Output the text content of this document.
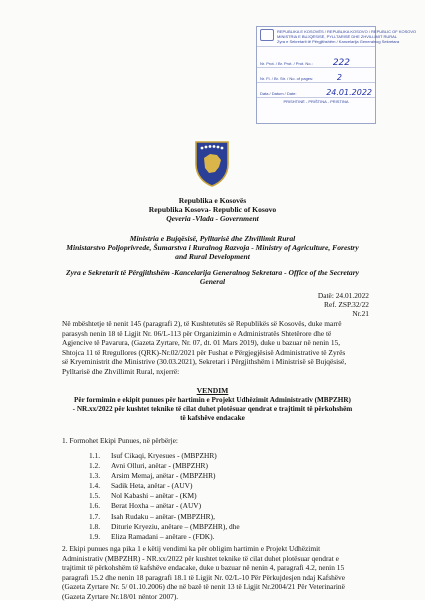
REPUBLIKA E KOSOVËS / REPUBLIKA KOSOVO / REPUBLIC OF KOSOVO
MINISTRIA E BUJQËSISË, PYLLTARISË DHE ZHVILLIMIT RURAL
Zyra e Sekretarit të Përgjithshëm / Kancelarija Generalnog Sekretara
Nr. Prot. / Br. Prot. / Prot. No.:	222
Nr. Fl. / Br. Str. / No. of pages:	2
Data / Datum / Date:	24.01.2022
PRISHTINË - PRIŠTINA - PRISTINA
Republika e Kosovës
Republika Kosova- Republic of Kosovo
Qeveria -Vlada - Government
Ministria e Bujqësisë, Pylltarisë dhe Zhvillimit Rural
Ministarstvo Poljoprivrede, Šumarstva i Ruralnog Razvoja - Ministry of Agriculture, Forestry
and Rural Development
Zyra e Sekretarit të Përgjithshëm -Kancelarija Generalnog Sekretara - Office of the Secretary
General
Datë: 24.01.2022
Ref. ZSP.32/22
Nr.21
Në mbështetje të nenit 145 (paragrafi 2), të Kushtetutës së Republikës së Kosovës, duke marrë
parasysh nenin 18 të Ligjit Nr. 06/L-113 për Organizimin e Administratës Shtetërore dhe të
Agjencive të Pavarura, (Gazeta Zyrtare, Nr. 07, dt. 01 Mars 2019), duke u bazuar në nenin 15,
Shtojca 11 të Rregullores (QRK)-Nr.02/2021 për Fushat e Përgjegjësisë Administrative të Zyrës
së Kryeministrit dhe Ministrive (30.03.2021), Sekretari i Përgjithshëm i Ministrisë së Bujqësisë,
Pylltarisë dhe Zhvillimit Rural, nxjerrë:
VENDIM
Për formimin e ekipit punues për hartimin e Projekt Udhëzimit Administrativ (MBPZHR)
- NR.xx/2022 për kushtet teknike të cilat duhet plotësuar qendrat e trajtimit të përkohshëm
të kafshëve endacake
1. Formohet Ekipi Punues, në përbërje:
1.1.	Isuf Cikaqi, Kryesues - (MBPZHR)
1.2.	Avni Olluri, anëtar - (MBPZHR)
1.3.	Arsim Memaj, anëtar - (MBPZHR)
1.4.	Sadik Heta, anëtar - (AUV)
1.5.	Nol Kabashi – anëtar - (KM)
1.6.	Berat Hoxha – anëtar - (AUV)
1.7.	Isah Rudaku – anëtar- (MBPZHR),
1.8.	Diturie Kryeziu, anëtare – (MBPZHR), dhe
1.9.	Eliza Ramadani – anëtare - (FDK).
2. Ekipi punues nga pika 1 e këtij vendimi ka për obligim hartimin e Projekt Udhëzimit
Administrativ (MBPZHR) - NR.xx/2022 për kushtet teknike të cilat duhet plotësuar qendrat e
trajtimit të përkohshëm të kafshëve endacake, duke u bazuar në nenin 4, paragrafi 4.2, nenin 15
paragrafi 15.2 dhe nenin 18 paragrafi 18.1 të Ligjit Nr. 02/L-10 Për Përkujdesjen ndaj Kafshëve
(Gazeta Zyrtare Nr. 5/ 01.10.2006) dhe në bazë të nenit 13 të Ligjit Nr.2004/21 Për Veterinarinë
(Gazeta Zyrtare Nr.18/01 nëntor 2007).
